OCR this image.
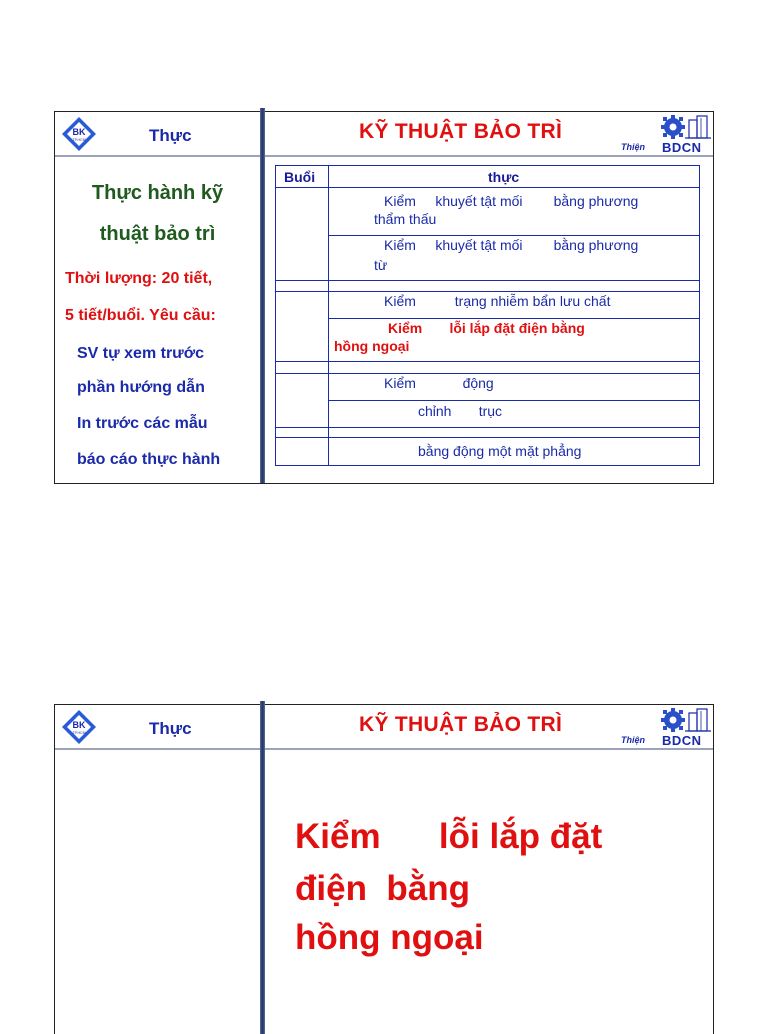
BK
TP.HCM	Thực	KỸ THUẬT BẢO TRÌ
Thiện BDCN
Thực hành kỹ
thuật bảo trì
Thời lượng: 20 tiết,
5 tiết/buổi. Yêu cầu:
SV tự xem trước
phần hướng dẫn
In trước các mẫu
báo cáo thực hành
Buổi	thực
Kiểm     khuyết tật mối        bằng phương
thẩm thấu
Kiểm     khuyết tật mối        bằng phương
từ
Kiểm          trạng nhiễm bẩn lưu chất
Kiểm       lỗi lắp đặt điện bằng
hồng ngoại
Kiểm            động
chỉnh       trục
bằng động một mặt phẳng
BK
TP.HCM	Thực	KỸ THUẬT BẢO TRÌ
Thiện BDCN
Kiểm      lỗi lắp đặt
điện  bằng
hồng ngoại
